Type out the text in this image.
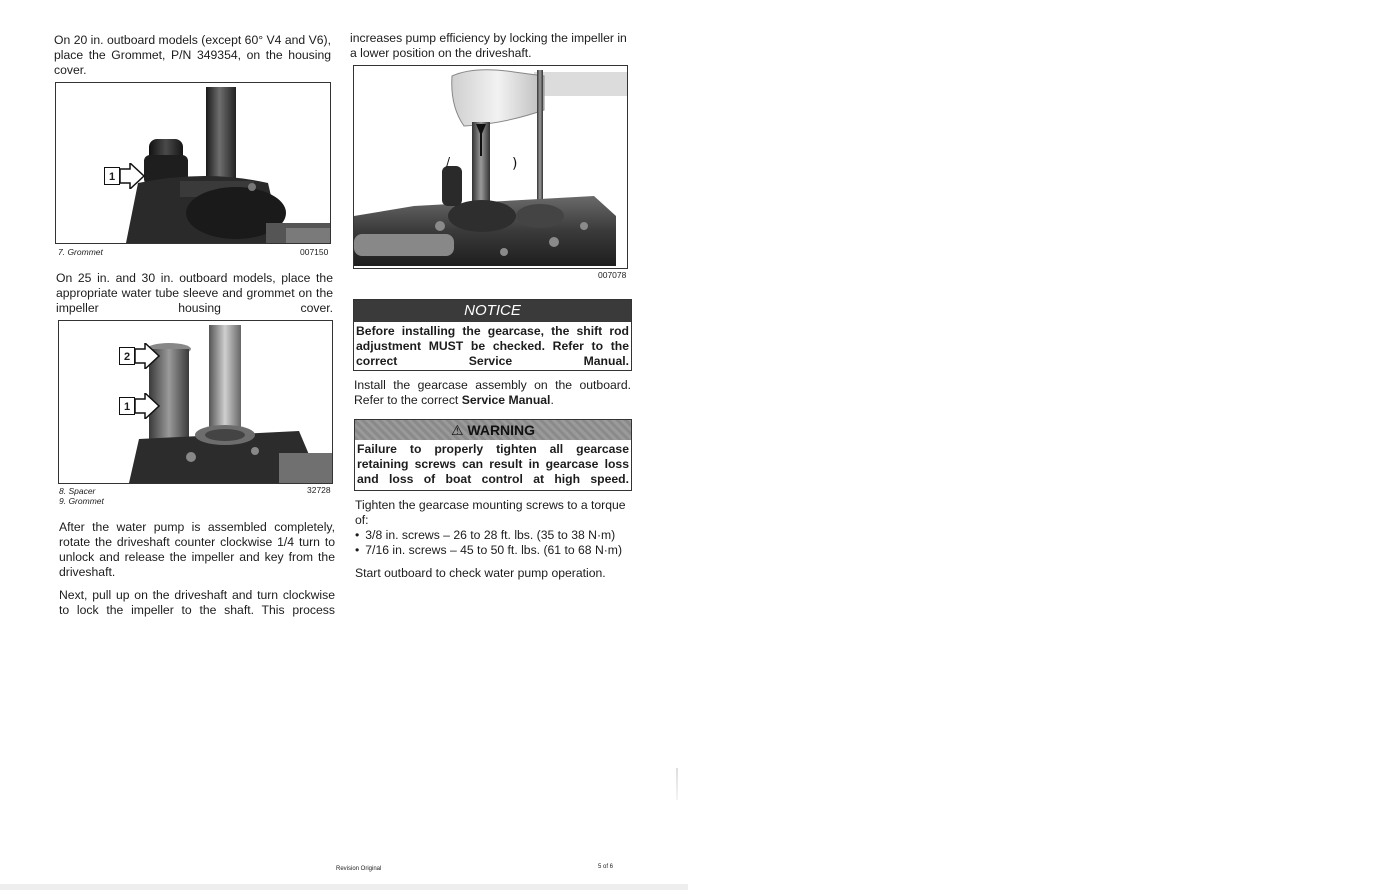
On 20 in. outboard models (except 60° V4 and V6), place the Grommet, P/N 349354, on the housing cover.
1
7. Grommet	007150
On 25 in. and 30 in. outboard models, place the appropriate water tube sleeve and grommet on the impeller housing cover.
2
1
8. Spacer
9. Grommet
32728
After the water pump is assembled completely, rotate the driveshaft counter clockwise 1/4 turn to unlock and release the impeller and key from the driveshaft.
Next, pull up on the driveshaft and turn clockwise to lock the impeller to the shaft. This process
increases pump efficiency by locking the impeller in a lower position on the driveshaft.
/	)
007078
NOTICE
Before installing the gearcase, the shift rod adjustment MUST be checked. Refer to the correct Service Manual.
Install the gearcase assembly on the outboard. Refer to the correct Service Manual.
⚠ WARNING
Failure to properly tighten all gearcase retaining screws can result in gearcase loss and loss of boat control at high speed.
Tighten the gearcase mounting screws to a torque of:
• 3/8 in. screws – 26 to 28 ft. lbs. (35 to 38 N·m)
• 7/16 in. screws – 45 to 50 ft. lbs. (61 to 68 N·m)
Start outboard to check water pump operation.
Revision Original	5 of 6
